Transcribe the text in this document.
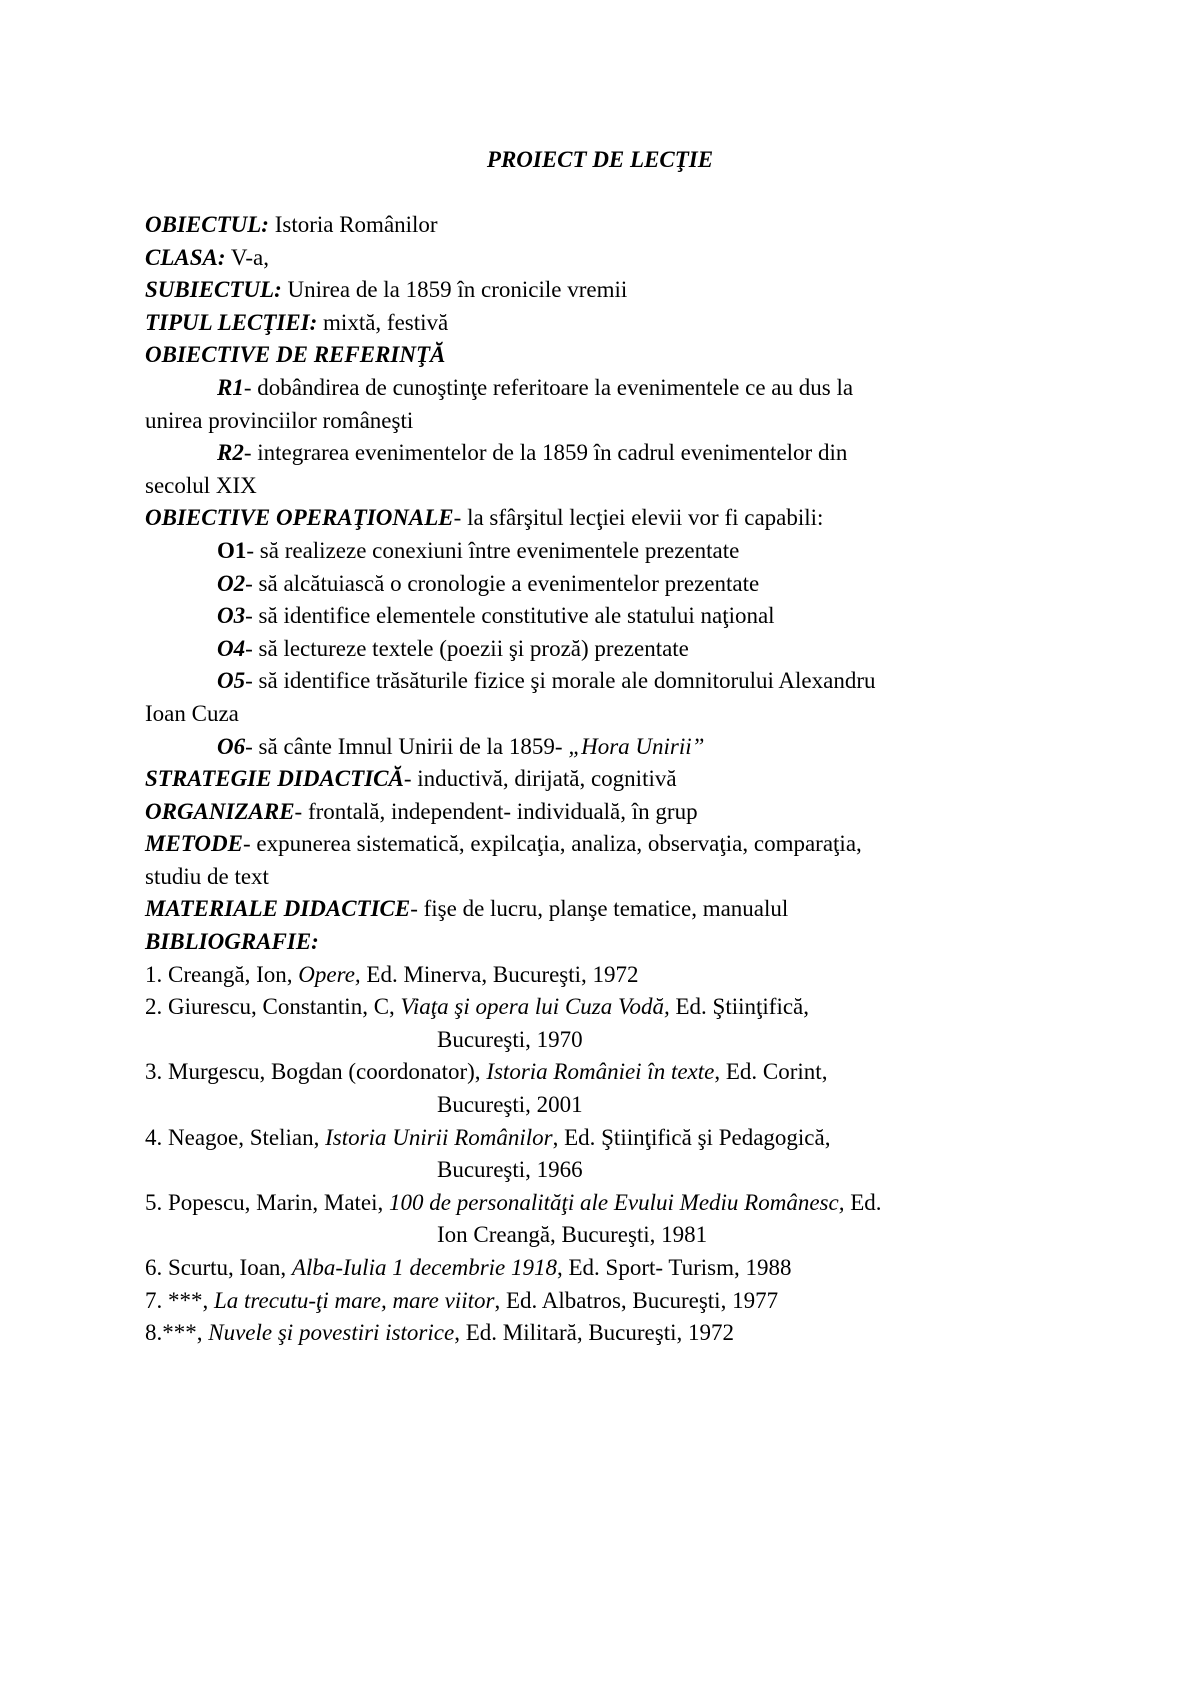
PROIECT DE LECŢIE
OBIECTUL: Istoria Românilor
CLASA: V-a,
SUBIECTUL: Unirea de la 1859 în cronicile vremii
TIPUL LECŢIEI: mixtă, festivă
OBIECTIVE DE REFERINŢĂ
R1- dobândirea de cunoştinţe referitoare la evenimentele ce au dus la
unirea provinciilor româneşti
R2- integrarea evenimentelor de la 1859 în cadrul evenimentelor din
secolul XIX
OBIECTIVE OPERAŢIONALE- la sfârşitul lecţiei elevii vor fi capabili:
O1- să realizeze conexiuni între evenimentele prezentate
O2- să alcătuiască o cronologie a evenimentelor prezentate
O3- să identifice elementele constitutive ale statului naţional
O4- să lectureze textele (poezii şi proză) prezentate
O5- să identifice trăsăturile fizice şi morale ale domnitorului Alexandru
Ioan Cuza
O6- să cânte Imnul Unirii de la 1859- „Hora Unirii”
STRATEGIE DIDACTICĂ- inductivă, dirijată, cognitivă
ORGANIZARE- frontală, independent- individuală, în grup
METODE- expunerea sistematică, expilcaţia, analiza, observaţia, comparaţia,
studiu de text
MATERIALE DIDACTICE- fişe de lucru, planşe tematice, manualul
BIBLIOGRAFIE:
1. Creangă, Ion, Opere, Ed. Minerva, Bucureşti, 1972
2. Giurescu, Constantin, C, Viaţa şi opera lui Cuza Vodă, Ed. Ştiinţifică,
Bucureşti, 1970
3. Murgescu, Bogdan (coordonator), Istoria României în texte, Ed. Corint,
Bucureşti, 2001
4. Neagoe, Stelian, Istoria Unirii Românilor, Ed. Ştiinţifică şi Pedagogică,
Bucureşti, 1966
5. Popescu, Marin, Matei, 100 de personalităţi ale Evului Mediu Românesc, Ed.
Ion Creangă, Bucureşti, 1981
6. Scurtu, Ioan, Alba-Iulia 1 decembrie 1918, Ed. Sport- Turism, 1988
7. ***, La trecutu-ţi mare, mare viitor, Ed. Albatros, Bucureşti, 1977
8.***, Nuvele şi povestiri istorice, Ed. Militară, Bucureşti, 1972
